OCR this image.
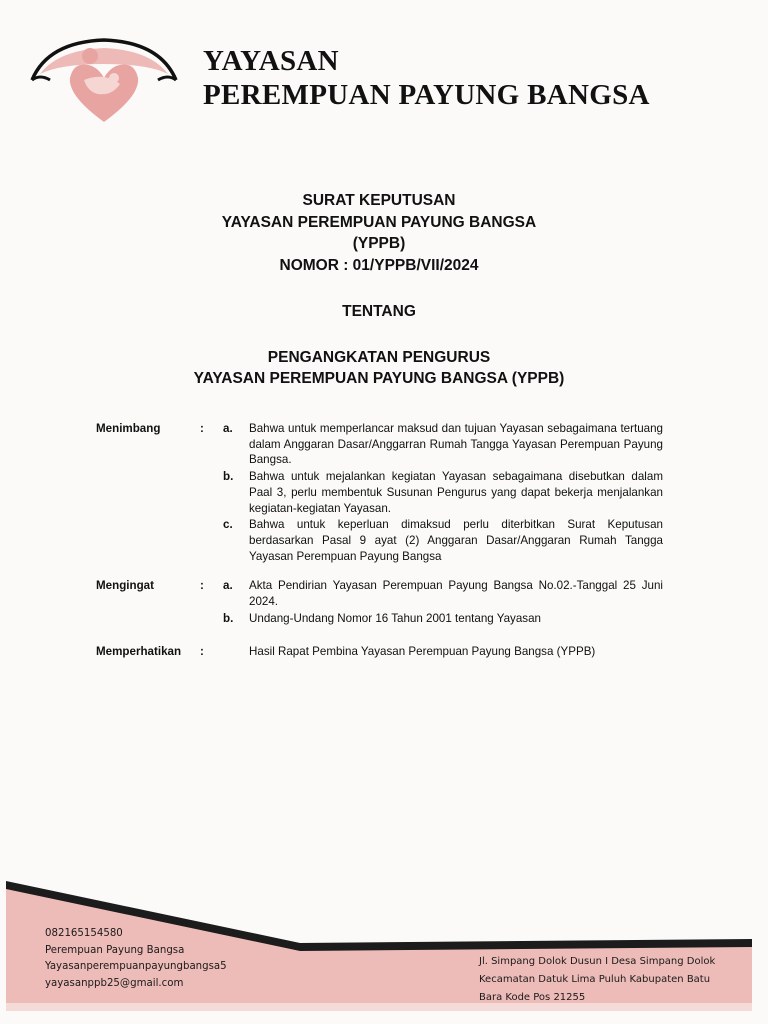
YAYASAN
PEREMPUAN PAYUNG BANGSA
SURAT KEPUTUSAN
YAYASAN PEREMPUAN PAYUNG BANGSA
(YPPB)
NOMOR : 01/YPPB/VII/2024
TENTANG
PENGANGKATAN PENGURUS
YAYASAN PEREMPUAN PAYUNG BANGSA (YPPB)
Menimbang	: a. Bahwa untuk memperlancar maksud dan tujuan Yayasan sebagaimana tertuang dalam Anggaran Dasar/Anggarran Rumah Tangga Yayasan Perempuan Payung Bangsa.
b. Bahwa untuk mejalankan kegiatan Yayasan sebagaimana disebutkan dalam Paal 3, perlu membentuk Susunan Pengurus yang dapat bekerja menjalankan kegiatan-kegiatan Yayasan.
c. Bahwa untuk keperluan dimaksud perlu diterbitkan Surat Keputusan berdasarkan Pasal 9 ayat (2) Anggaran Dasar/Anggaran Rumah Tangga Yayasan Perempuan Payung Bangsa
Mengingat	: a. Akta Pendirian Yayasan Perempuan Payung Bangsa No.02.-Tanggal 25 Juni 2024.
b. Undang-Undang Nomor 16 Tahun 2001 tentang Yayasan
Memperhatikan :	Hasil Rapat Pembina Yayasan Perempuan Payung Bangsa (YPPB)
082165154580
Perempuan Payung Bangsa
Yayasanperempuanpayungbangsa5
yayasanppb25@gmail.com
Jl. Simpang Dolok Dusun I Desa Simpang Dolok
Kecamatan Datuk Lima Puluh Kabupaten Batu
Bara Kode Pos 21255
